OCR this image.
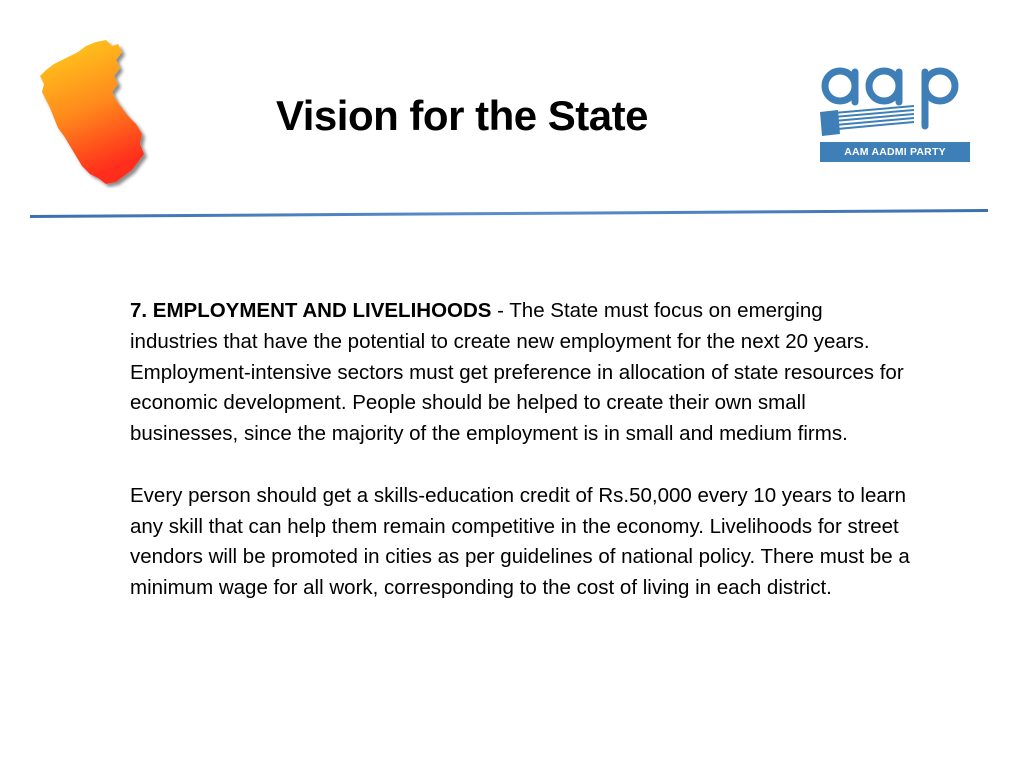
Vision for the State
AAM AADMI PARTY

7. EMPLOYMENT AND LIVELIHOODS - The State must focus on emerging industries that have the potential to create new employment for the next 20 years. Employment-intensive sectors must get preference in allocation of state resources for economic development. People should be helped to create their own small businesses, since the majority of the employment is in small and medium firms.

Every person should get a skills-education credit of Rs.50,000 every 10 years to learn any skill that can help them remain competitive in the economy. Livelihoods for street vendors will be promoted in cities as per guidelines of national policy. There must be a minimum wage for all work, corresponding to the cost of living in each district.
